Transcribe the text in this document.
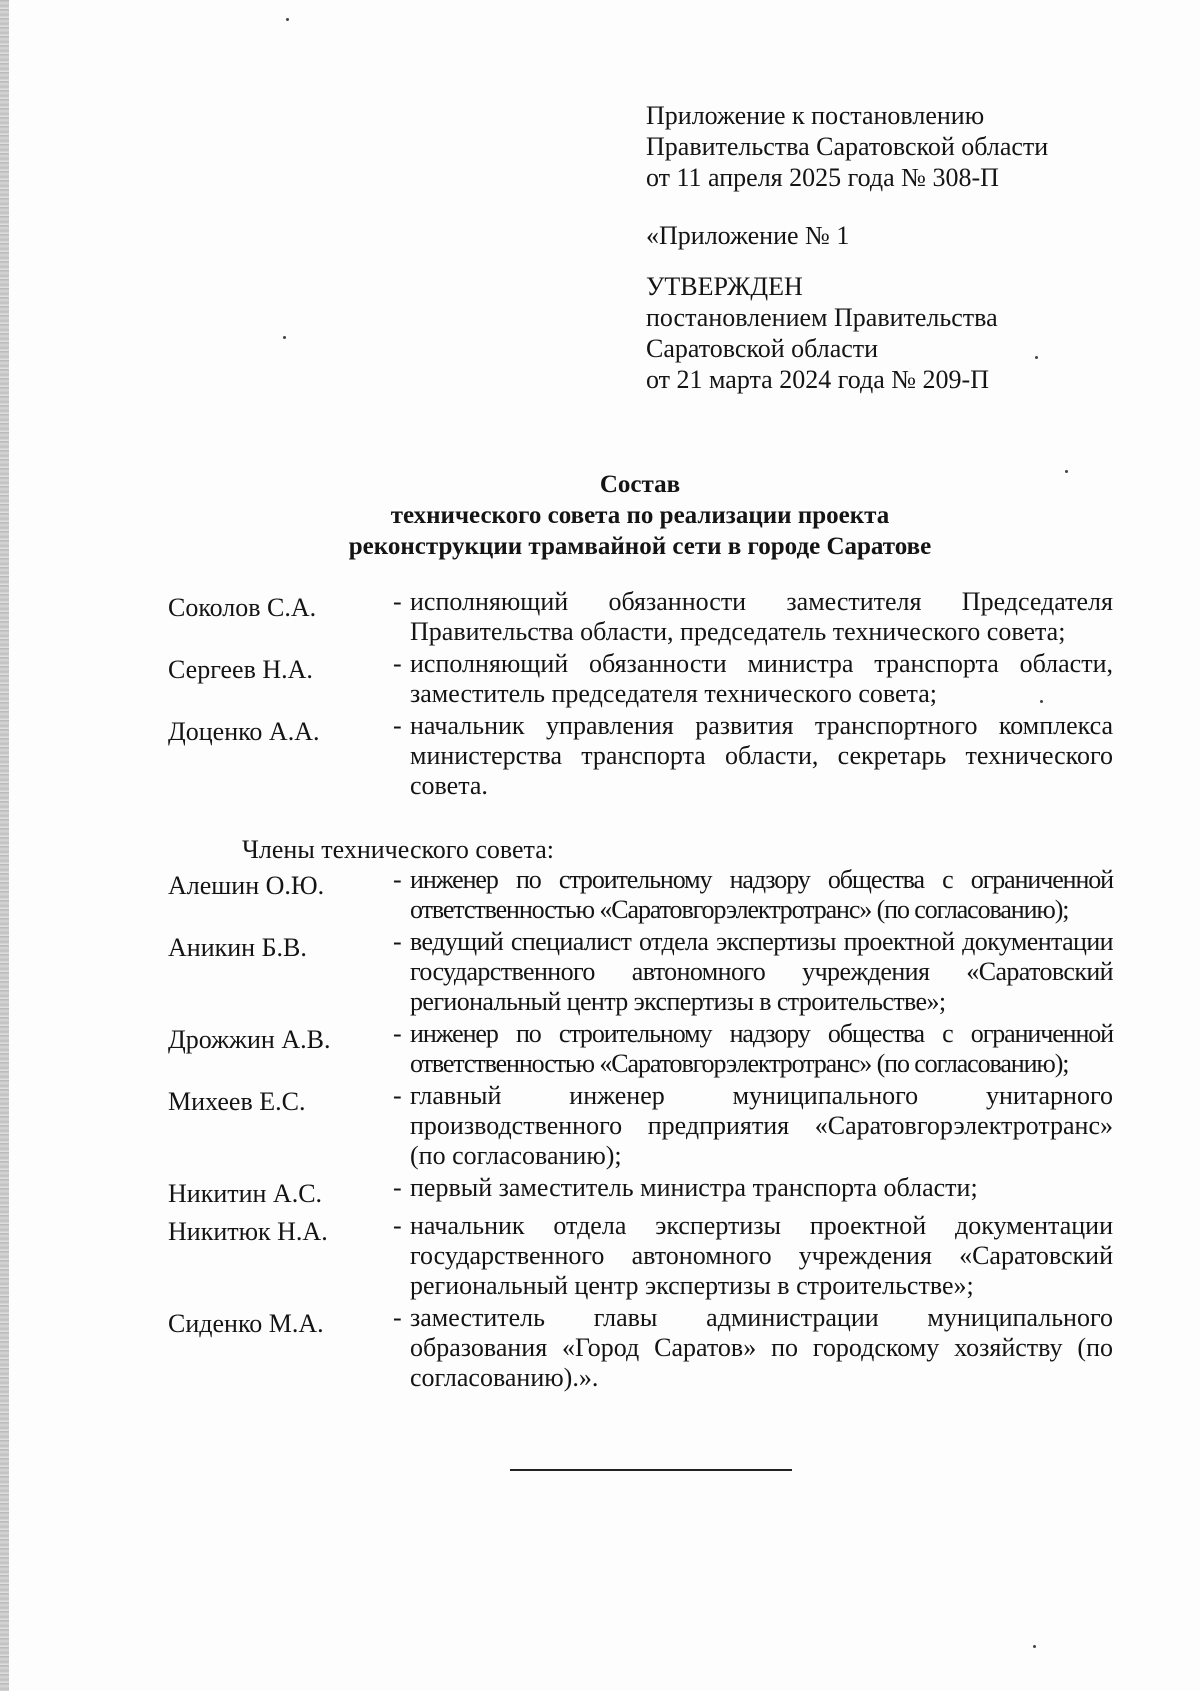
Приложение к постановлению
Правительства Саратовской области
от 11 апреля 2025 года № 308-П
«Приложение № 1
УТВЕРЖДЕН
постановлением Правительства
Саратовской области
от 21 марта 2024 года № 209-П
Состав
технического совета по реализации проекта
реконструкции трамвайной сети в городе Саратове
Соколов С.А.	- исполняющий обязанности заместителя Председателя Правительства области, председатель технического совета;
Сергеев Н.А.	- исполняющий обязанности министра транспорта области, заместитель председателя технического совета;
Доценко А.А.	- начальник управления развития транспортного комплекса министерства транспорта области, секретарь технического совета.
Члены технического совета:
Алешин О.Ю.	- инженер по строительному надзору общества с ограниченной ответственностью «Саратовгорэлектротранс» (по согласованию);
Аникин Б.В.	- ведущий специалист отдела экспертизы проектной документации государственного автономного учреждения «Саратовский региональный центр экспертизы в строительстве»;
Дрожжин А.В.	- инженер по строительному надзору общества с ограниченной ответственностью «Саратовгорэлектротранс» (по согласованию);
Михеев Е.С.	- главный инженер муниципального унитарного производственного предприятия «Саратовгорэлектротранс» (по согласованию);
Никитин А.С.	- первый заместитель министра транспорта области;
Никитюк Н.А.	- начальник отдела экспертизы проектной документации государственного автономного учреждения «Саратовский региональный центр экспертизы в строительстве»;
Сиденко М.А.	- заместитель главы администрации муниципального образования «Город Саратов» по городскому хозяйству (по согласованию).».
